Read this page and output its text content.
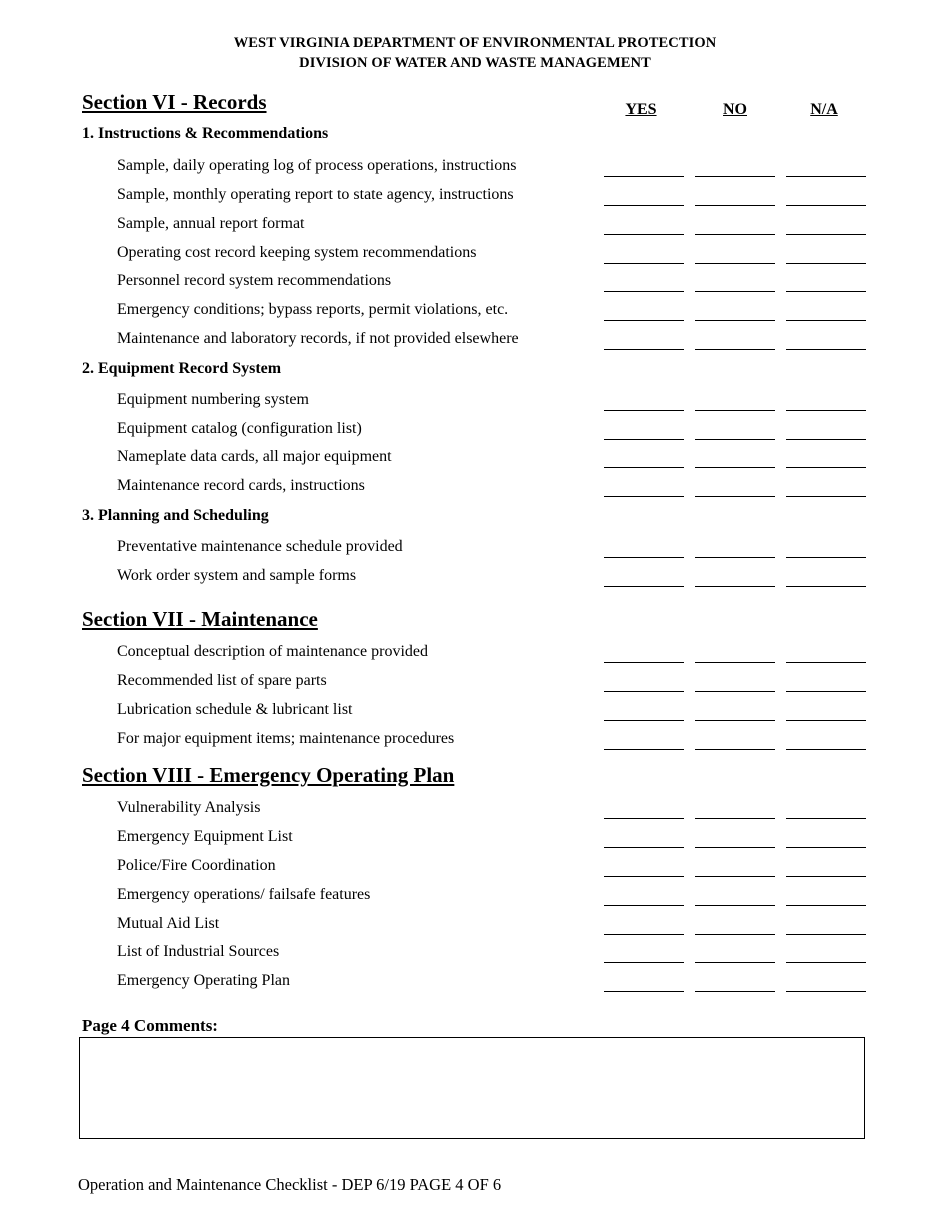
WEST VIRGINIA DEPARTMENT OF ENVIRONMENTAL PROTECTION
DIVISION OF WATER AND WASTE MANAGEMENT
Section VI - Records	YES	NO	N/A
1. Instructions & Recommendations
Sample, daily operating log of process operations, instructions
Sample, monthly operating report to state agency, instructions
Sample, annual report format
Operating cost record keeping system recommendations
Personnel record system recommendations
Emergency conditions; bypass reports, permit violations, etc.
Maintenance and laboratory records, if not provided elsewhere
2. Equipment Record System
Equipment numbering system
Equipment catalog (configuration list)
Nameplate data cards, all major equipment
Maintenance record cards, instructions
3. Planning and Scheduling
Preventative maintenance schedule provided
Work order system and sample forms
Section VII - Maintenance
Conceptual description of maintenance provided
Recommended list of spare parts
Lubrication schedule & lubricant list
For major equipment items; maintenance procedures
Section VIII - Emergency Operating Plan
Vulnerability Analysis
Emergency Equipment List
Police/Fire Coordination
Emergency operations/ failsafe features
Mutual Aid List
List of Industrial Sources
Emergency Operating Plan
Page 4 Comments:
Operation and Maintenance Checklist - DEP 6/19 PAGE 4 OF 6
